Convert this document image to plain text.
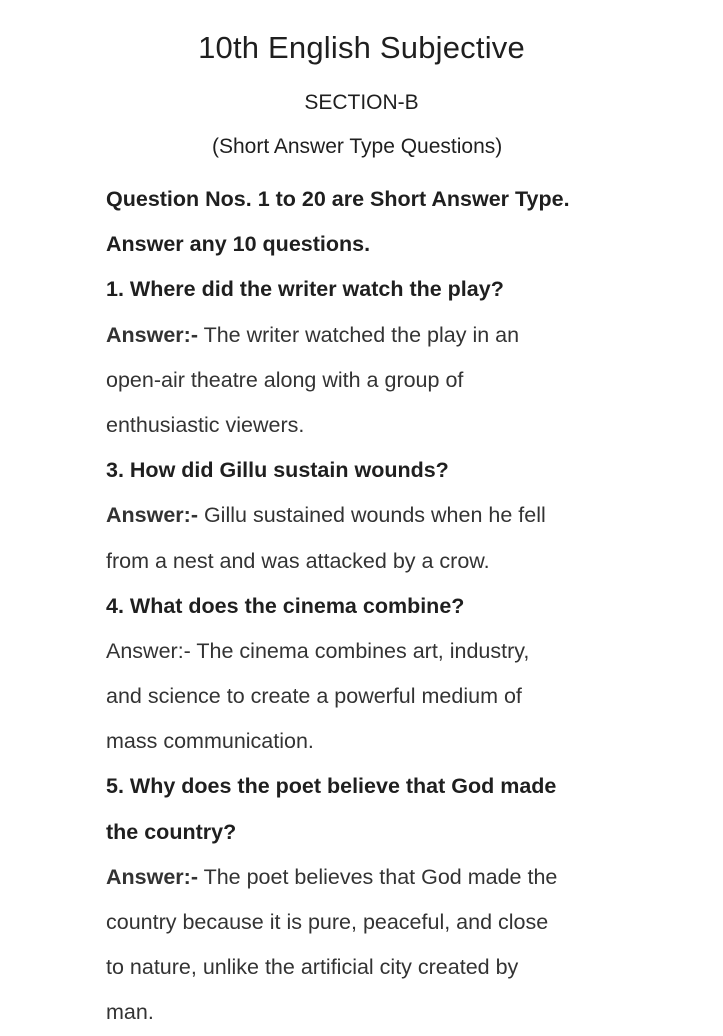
10th English Subjective
SECTION-B
(Short Answer Type Questions)
Question Nos. 1 to 20 are Short Answer Type.
Answer any 10 questions.
1. Where did the writer watch the play?
Answer:- The writer watched the play in an
open-air theatre along with a group of
enthusiastic viewers.
3. How did Gillu sustain wounds?
Answer:- Gillu sustained wounds when he fell
from a nest and was attacked by a crow.
4. What does the cinema combine?
Answer:- The cinema combines art, industry,
and science to create a powerful medium of
mass communication.
5. Why does the poet believe that God made
the country?
Answer:- The poet believes that God made the
country because it is pure, peaceful, and close
to nature, unlike the artificial city created by
man.
